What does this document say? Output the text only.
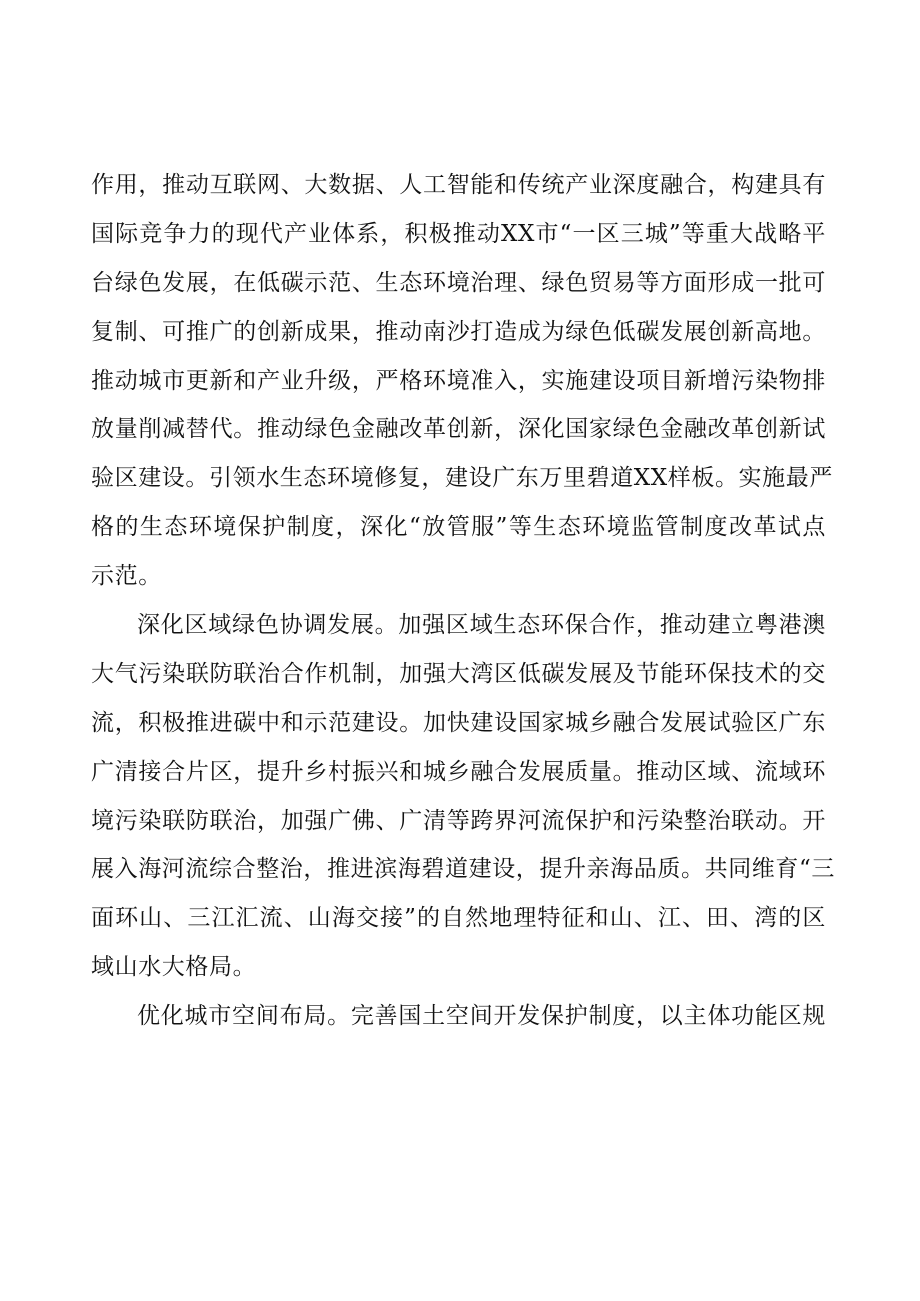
作用，推动互联网、大数据、人工智能和传统产业深度融合，构建具有
国际竞争力的现代产业体系，积极推动XX市“一区三城”等重大战略平
台绿色发展，在低碳示范、生态环境治理、绿色贸易等方面形成一批可
复制、可推广的创新成果，推动南沙打造成为绿色低碳发展创新高地。
推动城市更新和产业升级，严格环境准入，实施建设项目新增污染物排
放量削减替代。推动绿色金融改革创新，深化国家绿色金融改革创新试
验区建设。引领水生态环境修复，建设广东万里碧道XX样板。实施最严
格的生态环境保护制度，深化“放管服”等生态环境监管制度改革试点
示范。
深化区域绿色协调发展。加强区域生态环保合作，推动建立粤港澳
大气污染联防联治合作机制，加强大湾区低碳发展及节能环保技术的交
流，积极推进碳中和示范建设。加快建设国家城乡融合发展试验区广东
广清接合片区，提升乡村振兴和城乡融合发展质量。推动区域、流域环
境污染联防联治，加强广佛、广清等跨界河流保护和污染整治联动。开
展入海河流综合整治，推进滨海碧道建设，提升亲海品质。共同维育“三
面环山、三江汇流、山海交接”的自然地理特征和山、江、田、湾的区
域山水大格局。
优化城市空间布局。完善国土空间开发保护制度，以主体功能区规
